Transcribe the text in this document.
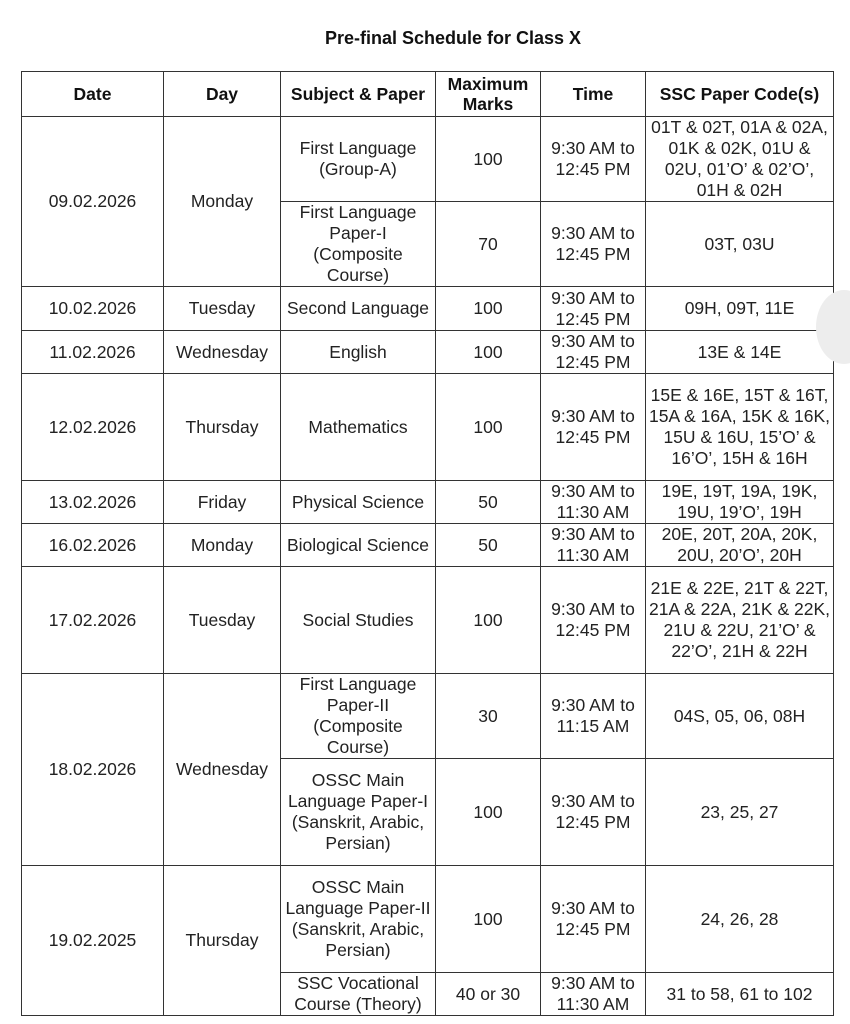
Pre-final Schedule for Class X
Date	Day	Subject & Paper	Maximum Marks	Time	SSC Paper Code(s)
09.02.2026	Monday	First Language (Group-A)	100	9:30 AM to 12:45 PM	01T & 02T, 01A & 02A, 01K & 02K, 01U & 02U, 01’O’ & 02’O’, 01H & 02H
		First Language Paper-I (Composite Course)	70	9:30 AM to 12:45 PM	03T, 03U
10.02.2026	Tuesday	Second Language	100	9:30 AM to 12:45 PM	09H, 09T, 11E
11.02.2026	Wednesday	English	100	9:30 AM to 12:45 PM	13E & 14E
12.02.2026	Thursday	Mathematics	100	9:30 AM to 12:45 PM	15E & 16E, 15T & 16T, 15A & 16A, 15K & 16K, 15U & 16U, 15’O’ & 16’O’, 15H & 16H
13.02.2026	Friday	Physical Science	50	9:30 AM to 11:30 AM	19E, 19T, 19A, 19K, 19U, 19’O’, 19H
16.02.2026	Monday	Biological Science	50	9:30 AM to 11:30 AM	20E, 20T, 20A, 20K, 20U, 20’O’, 20H
17.02.2026	Tuesday	Social Studies	100	9:30 AM to 12:45 PM	21E & 22E, 21T & 22T, 21A & 22A, 21K & 22K, 21U & 22U, 21’O’ & 22’O’, 21H & 22H
18.02.2026	Wednesday	First Language Paper-II (Composite Course)	30	9:30 AM to 11:15 AM	04S, 05, 06, 08H
		OSSC Main Language Paper-I (Sanskrit, Arabic, Persian)	100	9:30 AM to 12:45 PM	23, 25, 27
19.02.2025	Thursday	OSSC Main Language Paper-II (Sanskrit, Arabic, Persian)	100	9:30 AM to 12:45 PM	24, 26, 28
		SSC Vocational Course (Theory)	40 or 30	9:30 AM to 11:30 AM	31 to 58, 61 to 102
